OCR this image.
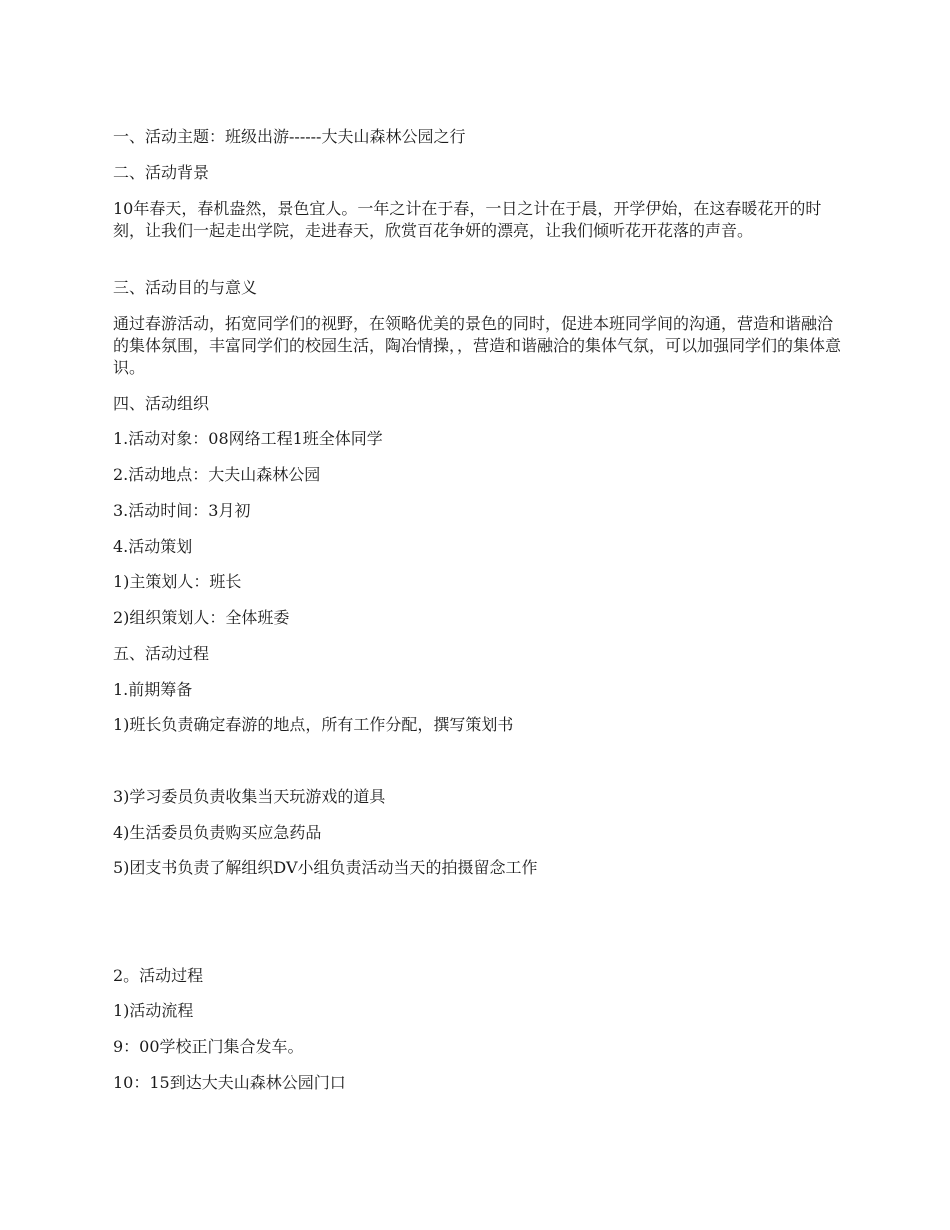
一、活动主题：班级出游------大夫山森林公园之行
二、活动背景
10年春天，春机盎然，景色宜人。一年之计在于春，一日之计在于晨，开学伊始，在这春暖花开的时刻，让我们一起走出学院，走进春天，欣赏百花争妍的漂亮，让我们倾听花开花落的声音。
三、活动目的与意义
通过春游活动，拓宽同学们的视野，在领略优美的景色的同时，促进本班同学间的沟通，营造和谐融洽的集体氛围，丰富同学们的校园生活，陶冶情操，，营造和谐融洽的集体气氛，可以加强同学们的集体意识。
四、活动组织
1.活动对象：08网络工程1班全体同学
2.活动地点：大夫山森林公园
3.活动时间：3月初
4.活动策划
1)主策划人：班长
2)组织策划人：全体班委
五、活动过程
1.前期筹备
1)班长负责确定春游的地点，所有工作分配，撰写策划书
3)学习委员负责收集当天玩游戏的道具
4)生活委员负责购买应急药品
5)团支书负责了解组织DV小组负责活动当天的拍摄留念工作
2。活动过程
1)活动流程
9：00学校正门集合发车。
10：15到达大夫山森林公园门口
